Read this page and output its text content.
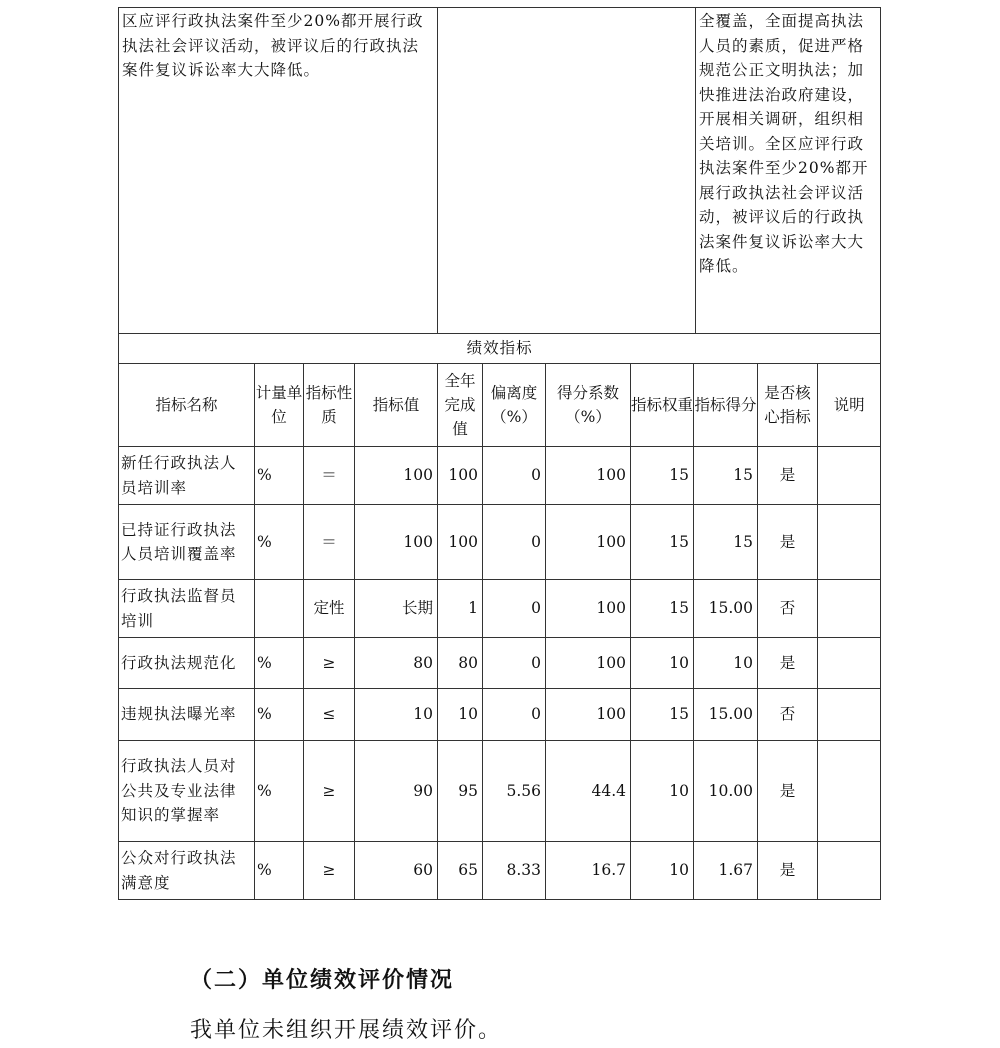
区应评行政执法案件至少20%都开展行政执法社会评议活动，被评议后的行政执法案件复议诉讼率大大降低。

全覆盖，全面提高执法人员的素质，促进严格规范公正文明执法；加快推进法治政府建设，开展相关调研，组织相关培训。全区应评行政执法案件至少20%都开展行政执法社会评议活动，被评议后的行政执法案件复议诉讼率大大降低。
绩效指标										
指标名称	计量单位	指标性质	指标值	全年完成值	偏离度（%）	得分系数（%）	指标权重	指标得分	是否核心指标	说明
新任行政执法人员培训率	%	＝	100	100	0	100	15	15	是	
已持证行政执法人员培训覆盖率	%	＝	100	100	0	100	15	15	是	
行政执法监督员培训		定性	长期	1	0	100	15	15.00	否	
行政执法规范化	%	≥	80	80	0	100	10	10	是	
违规执法曝光率	%	≤	10	10	0	100	15	15.00	否	
行政执法人员对公共及专业法律知识的掌握率	%	≥	90	95	5.56	44.4	10	10.00	是	
公众对行政执法满意度	%	≥	60	65	8.33	16.7	10	1.67	是	
（二）单位绩效评价情况
我单位未组织开展绩效评价。
